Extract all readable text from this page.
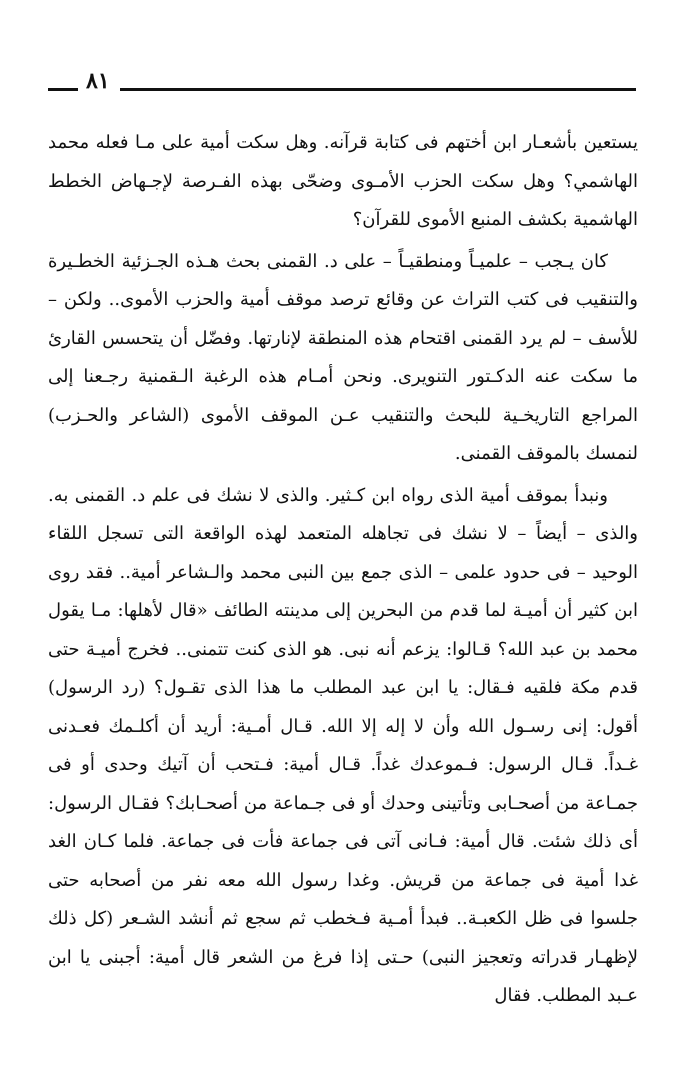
٨١

يستعين بأشعـار ابن أختهم فى كتابة قرآنه. وهل سكت أمية على مـا فعله محمد الهاشمي؟ وهل سكت الحزب الأمـوى وضحّى بهذه الفـرصة لإجـهاض الخطط الهاشمية بكشف المنبع الأموى للقرآن؟

كان يـجب – علميـاً ومنطقيـاً – على د. القمنى بحث هـذه الجـزئية الخطـيرة والتنقيب فى كتب التراث عن وقائع ترصد موقف أمية والحزب الأموى.. ولكن – للأسف – لم يرد القمنى اقتحام هذه المنطقة لإنارتها. وفضّل أن يتحسس القارئ ما سكت عنه الدكـتور التنويرى. ونحن أمـام هذه الرغبة الـقمنية رجـعنا إلى المراجع التاريخـية للبحث والتنقيب عـن الموقف الأموى (الشاعر والحـزب) لنمسك بالموقف القمنى.

ونبدأ بموقف أمية الذى رواه ابن كـثير. والذى لا نشك فى علم د. القمنى به. والذى – أيضاً – لا نشك فى تجاهله المتعمد لهذه الواقعة التى تسجل اللقاء الوحيد – فى حدود علمى – الذى جمع بين النبى محمد والـشاعر أمية.. فقد روى ابن كثير أن أميـة لما قدم من البحرين إلى مدينته الطائف «قال لأهلها: مـا يقول محمد بن عبد الله؟ قـالوا: يزعم أنه نبى. هو الذى كنت تتمنى.. فخرج أميـة حتى قدم مكة فلقيه فـقال: يا ابن عبد المطلب ما هذا الذى تقـول؟ (رد الرسول) أقول: إنى رسـول الله وأن لا إله إلا الله. قـال أمـية: أريد أن أكلـمك فعـدنى غـداً. قـال الرسول: فـموعدك غداً. قـال أمية: فـتحب أن آتيك وحدى أو فى جمـاعة من أصحـابى وتأتينى وحدك أو فى جـماعة من أصحـابك؟ فقـال الرسول: أى ذلك شئت. قال أمية: فـانى آتى فى جماعة فأت فى جماعة. فلما كـان الغد غدا أمية فى جماعة من قريش. وغدا رسول الله معه نفر من أصحابه حتى جلسوا فى ظل الكعبـة.. فبدأ أمـية فـخطب ثم سجع ثم أنشد الشـعر (كل ذلك لإظهـار قدراته وتعجيز النبى) حـتى إذا فرغ من الشعر قال أمية: أجبنى يا ابن عـبد المطلب. فقال
